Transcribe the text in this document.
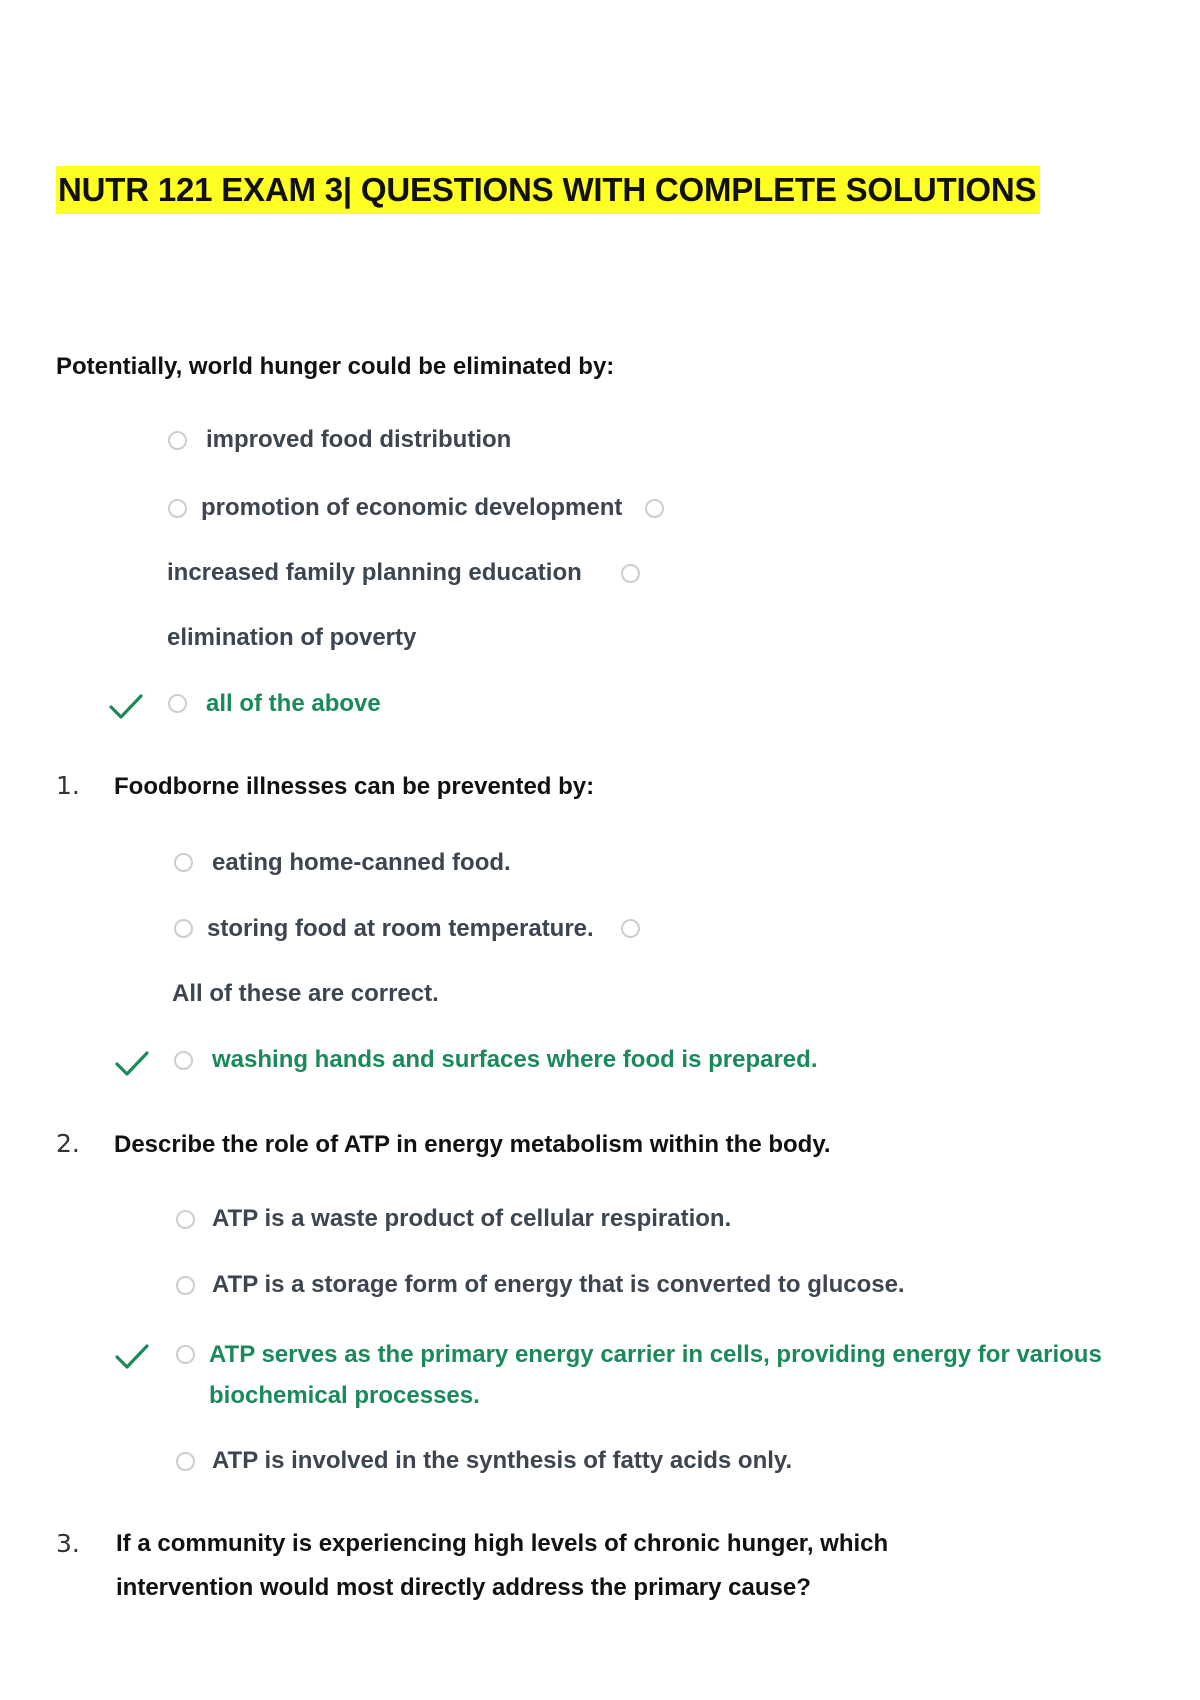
NUTR 121 EXAM 3| QUESTIONS WITH COMPLETE SOLUTIONS
Potentially, world hunger could be eliminated by:
improved food distribution
promotion of economic development
increased family planning education
elimination of poverty
all of the above
1. Foodborne illnesses can be prevented by:
eating home-canned food.
storing food at room temperature.
All of these are correct.
washing hands and surfaces where food is prepared.
2. Describe the role of ATP in energy metabolism within the body.
ATP is a waste product of cellular respiration.
ATP is a storage form of energy that is converted to glucose.
ATP serves as the primary energy carrier in cells, providing energy for various biochemical processes.
ATP is involved in the synthesis of fatty acids only.
3. If a community is experiencing high levels of chronic hunger, which intervention would most directly address the primary cause?
